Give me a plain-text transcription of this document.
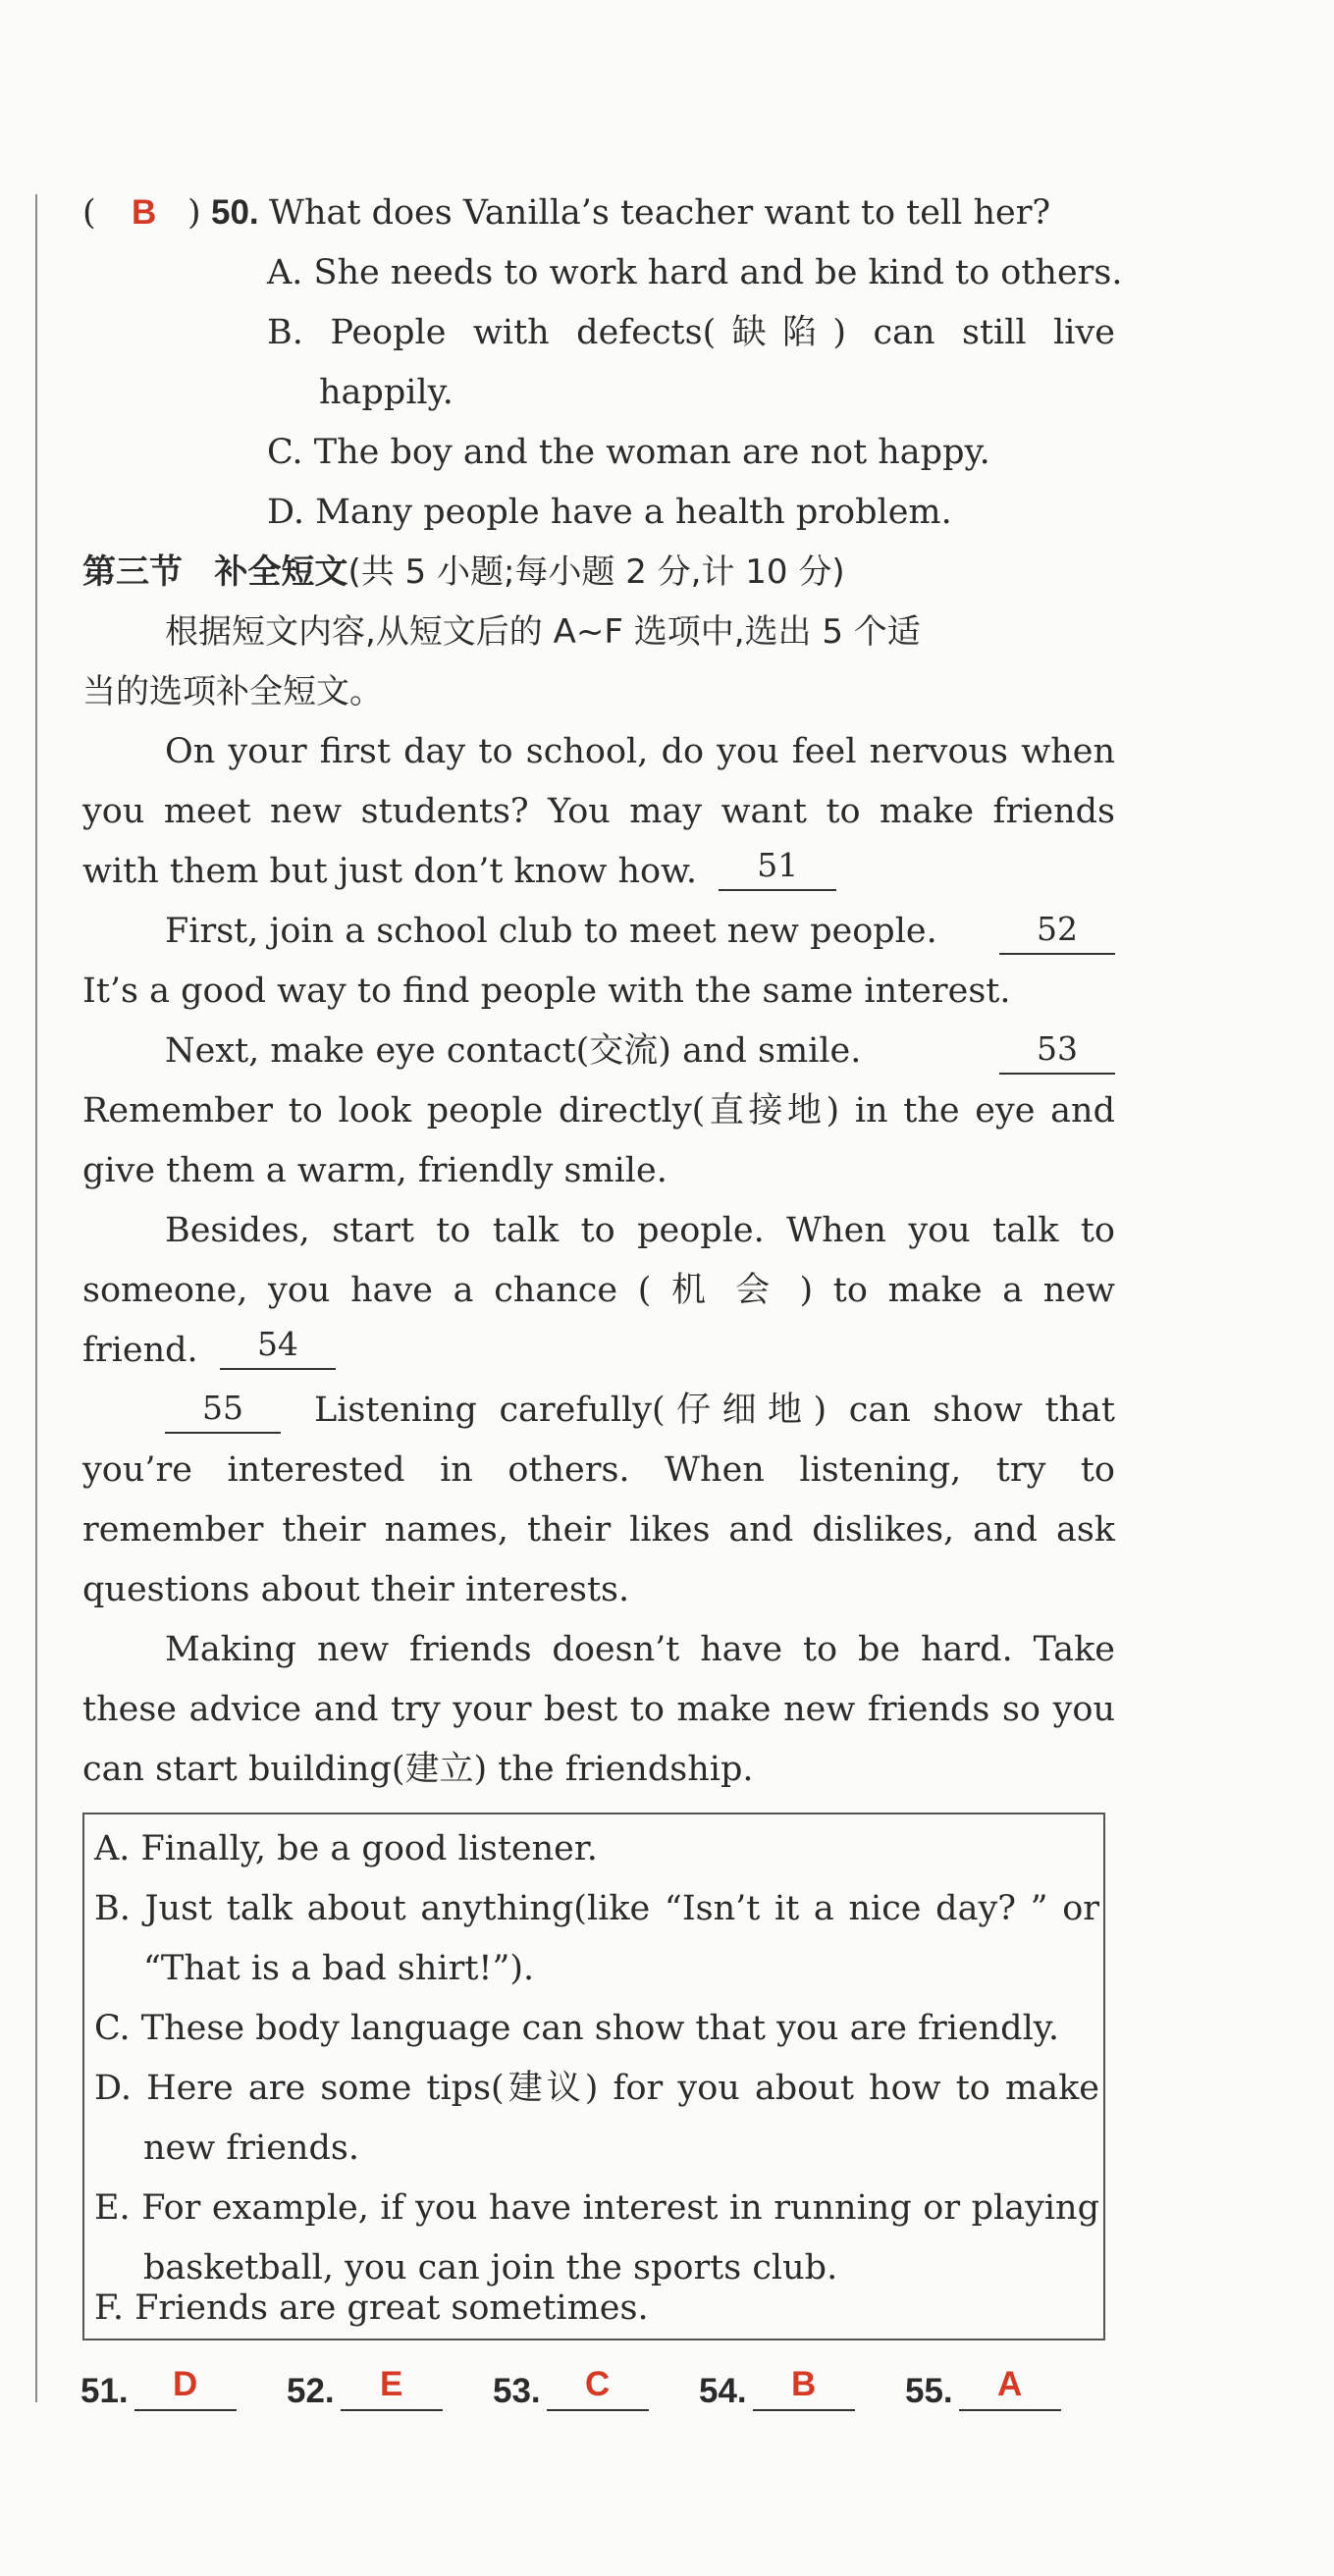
( B ) 50. What does Vanilla’s teacher want to tell her?
A. She needs to work hard and be kind to others.
B. People with defects(缺陷) can still live
happily.
C. The boy and the woman are not happy.
D. Many people have a health problem.
第三节 补全短文(共 5 小题;每小题 2 分,计 10 分)
根据短文内容,从短文后的 A~F 选项中,选出 5 个适
当的选项补全短文。
On your first day to school, do you feel nervous when
you meet new students? You may want to make friends
with them but just don’t know how. 51
First, join a school club to meet new people.	52
It’s a good way to find people with the same interest.
Next, make eye contact(交流) and smile.	53
Remember to look people directly(直接地) in the eye and
give them a warm, friendly smile.
Besides, start to talk to people. When you talk to
someone, you have a chance ( 机 会 ) to make a new
friend. 54
55	Listening carefully(仔细地) can show that
you’re interested in others. When listening, try to
remember their names, their likes and dislikes, and ask
questions about their interests.
Making new friends doesn’t have to be hard. Take
these advice and try your best to make new friends so you
can start building(建立) the friendship.
A. Finally, be a good listener.
B. Just talk about anything(like “Isn’t it a nice day? ” or
“That is a bad shirt!”).
C. These body language can show that you are friendly.
D. Here are some tips(建议) for you about how to make
new friends.
E. For example, if you have interest in running or playing
basketball, you can join the sports club.
F. Friends are great sometimes.
51. D	52. E	53. C	54. B	55. A
